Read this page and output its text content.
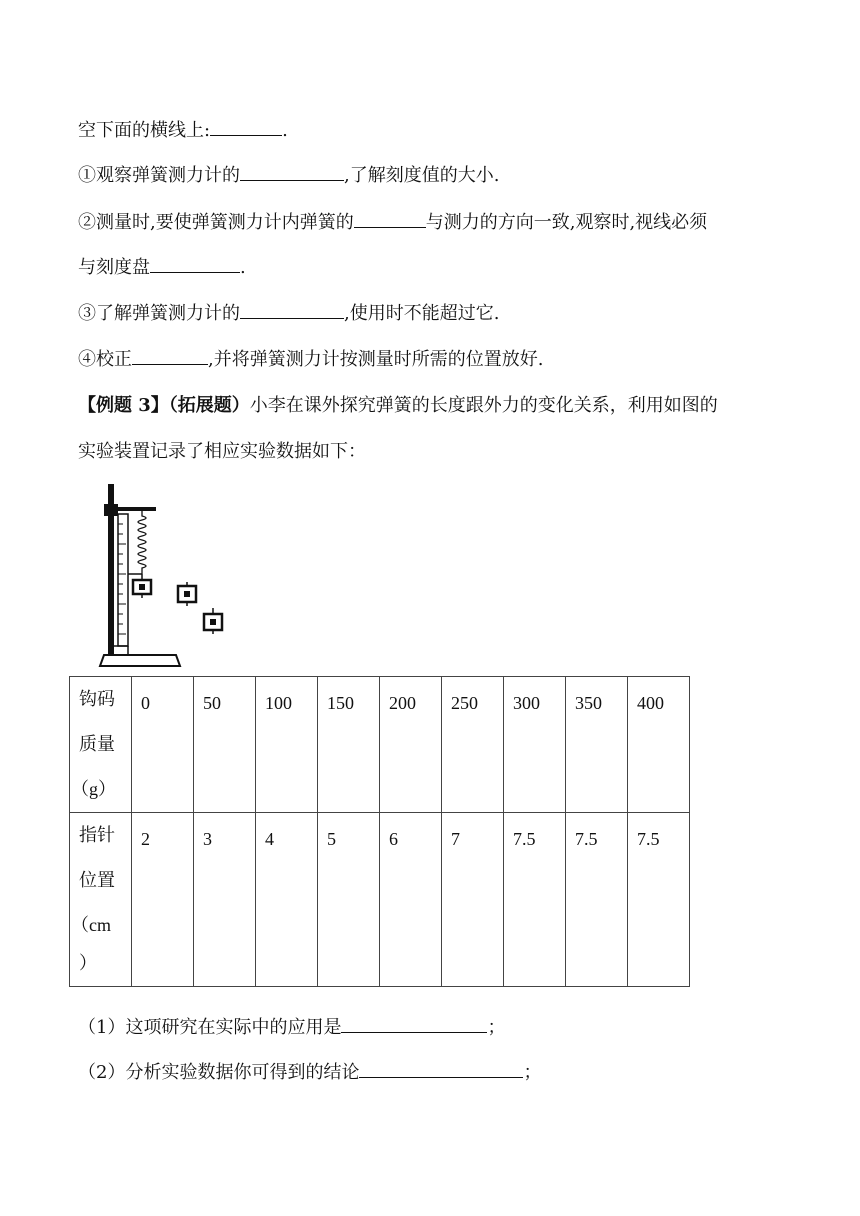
空下面的横线上:	.
①观察弹簧测力计的	,了解刻度值的大小.
②测量时,要使弹簧测力计内弹簧的	与测力的方向一致,观察时,视线必须
与刻度盘	.
③了解弹簧测力计的	,使用时不能超过它.
④校正	,并将弹簧测力计按测量时所需的位置放好.
【例题 3】（拓展题）小李在课外探究弹簧的长度跟外力的变化关系，利用如图的
实验装置记录了相应实验数据如下：
钩码
质量
（g）	0	50	100	150	200	250	300	350	400

指针
位置
（cm
）	2	3	4	5	6	7	7.5	7.5	7.5
（1）这项研究在实际中的应用是	；
（2）分析实验数据你可得到的结论	；
